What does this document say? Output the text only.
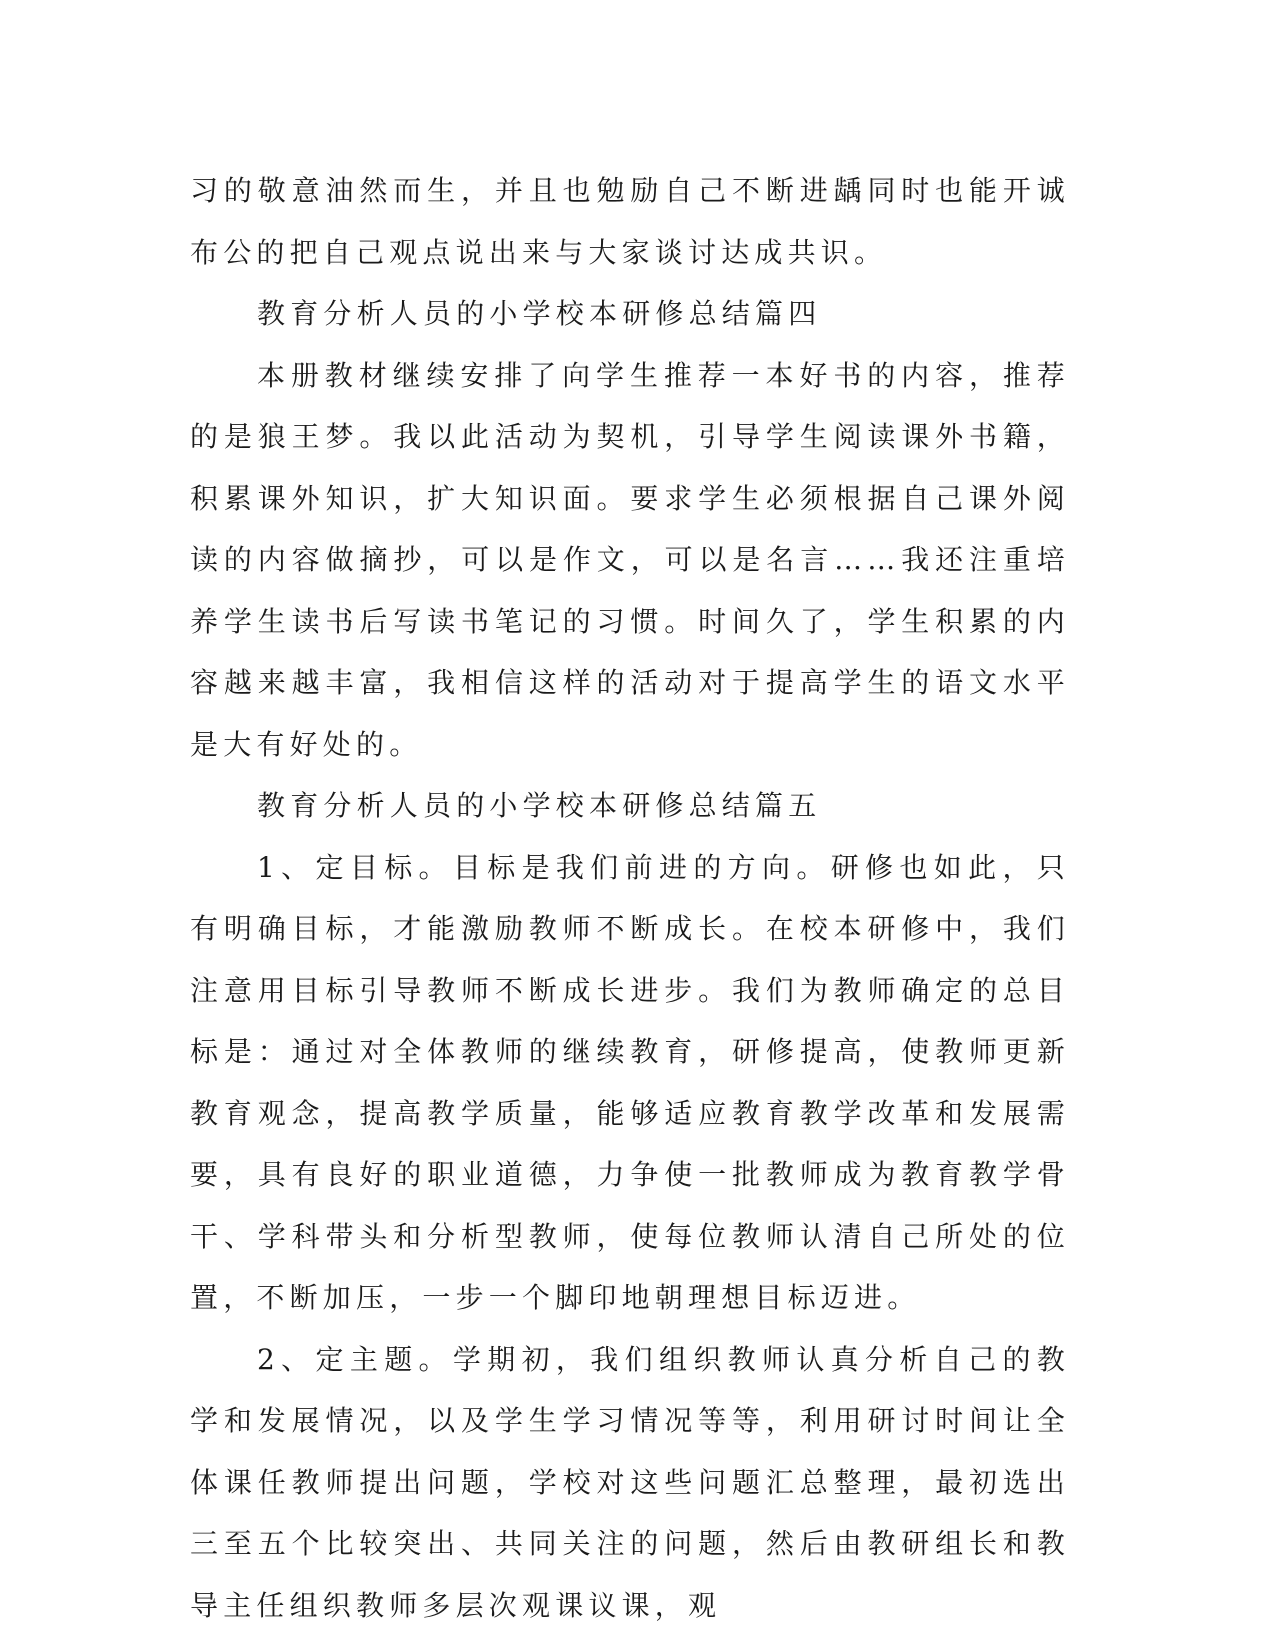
习的敬意油然而生，并且也勉励自己不断进龋同时也能开诚布公的把自己观点说出来与大家谈讨达成共识。

教育分析人员的小学校本研修总结篇四

本册教材继续安排了向学生推荐一本好书的内容，推荐的是狼王梦。我以此活动为契机，引导学生阅读课外书籍，积累课外知识，扩大知识面。要求学生必须根据自己课外阅读的内容做摘抄，可以是作文，可以是名言……我还注重培养学生读书后写读书笔记的习惯。时间久了，学生积累的内容越来越丰富，我相信这样的活动对于提高学生的语文水平是大有好处的。

教育分析人员的小学校本研修总结篇五

1、定目标。目标是我们前进的方向。研修也如此，只有明确目标，才能激励教师不断成长。在校本研修中，我们注意用目标引导教师不断成长进步。我们为教师确定的总目标是：通过对全体教师的继续教育，研修提高，使教师更新教育观念，提高教学质量，能够适应教育教学改革和发展需要，具有良好的职业道德，力争使一批教师成为教育教学骨干、学科带头和分析型教师，使每位教师认清自己所处的位置，不断加压，一步一个脚印地朝理想目标迈进。

2、定主题。学期初，我们组织教师认真分析自己的教学和发展情况，以及学生学习情况等等，利用研讨时间让全体课任教师提出问题，学校对这些问题汇总整理，最初选出三至五个比较突出、共同关注的问题，然后由教研组长和教导主任组织教师多层次观课议课，观
